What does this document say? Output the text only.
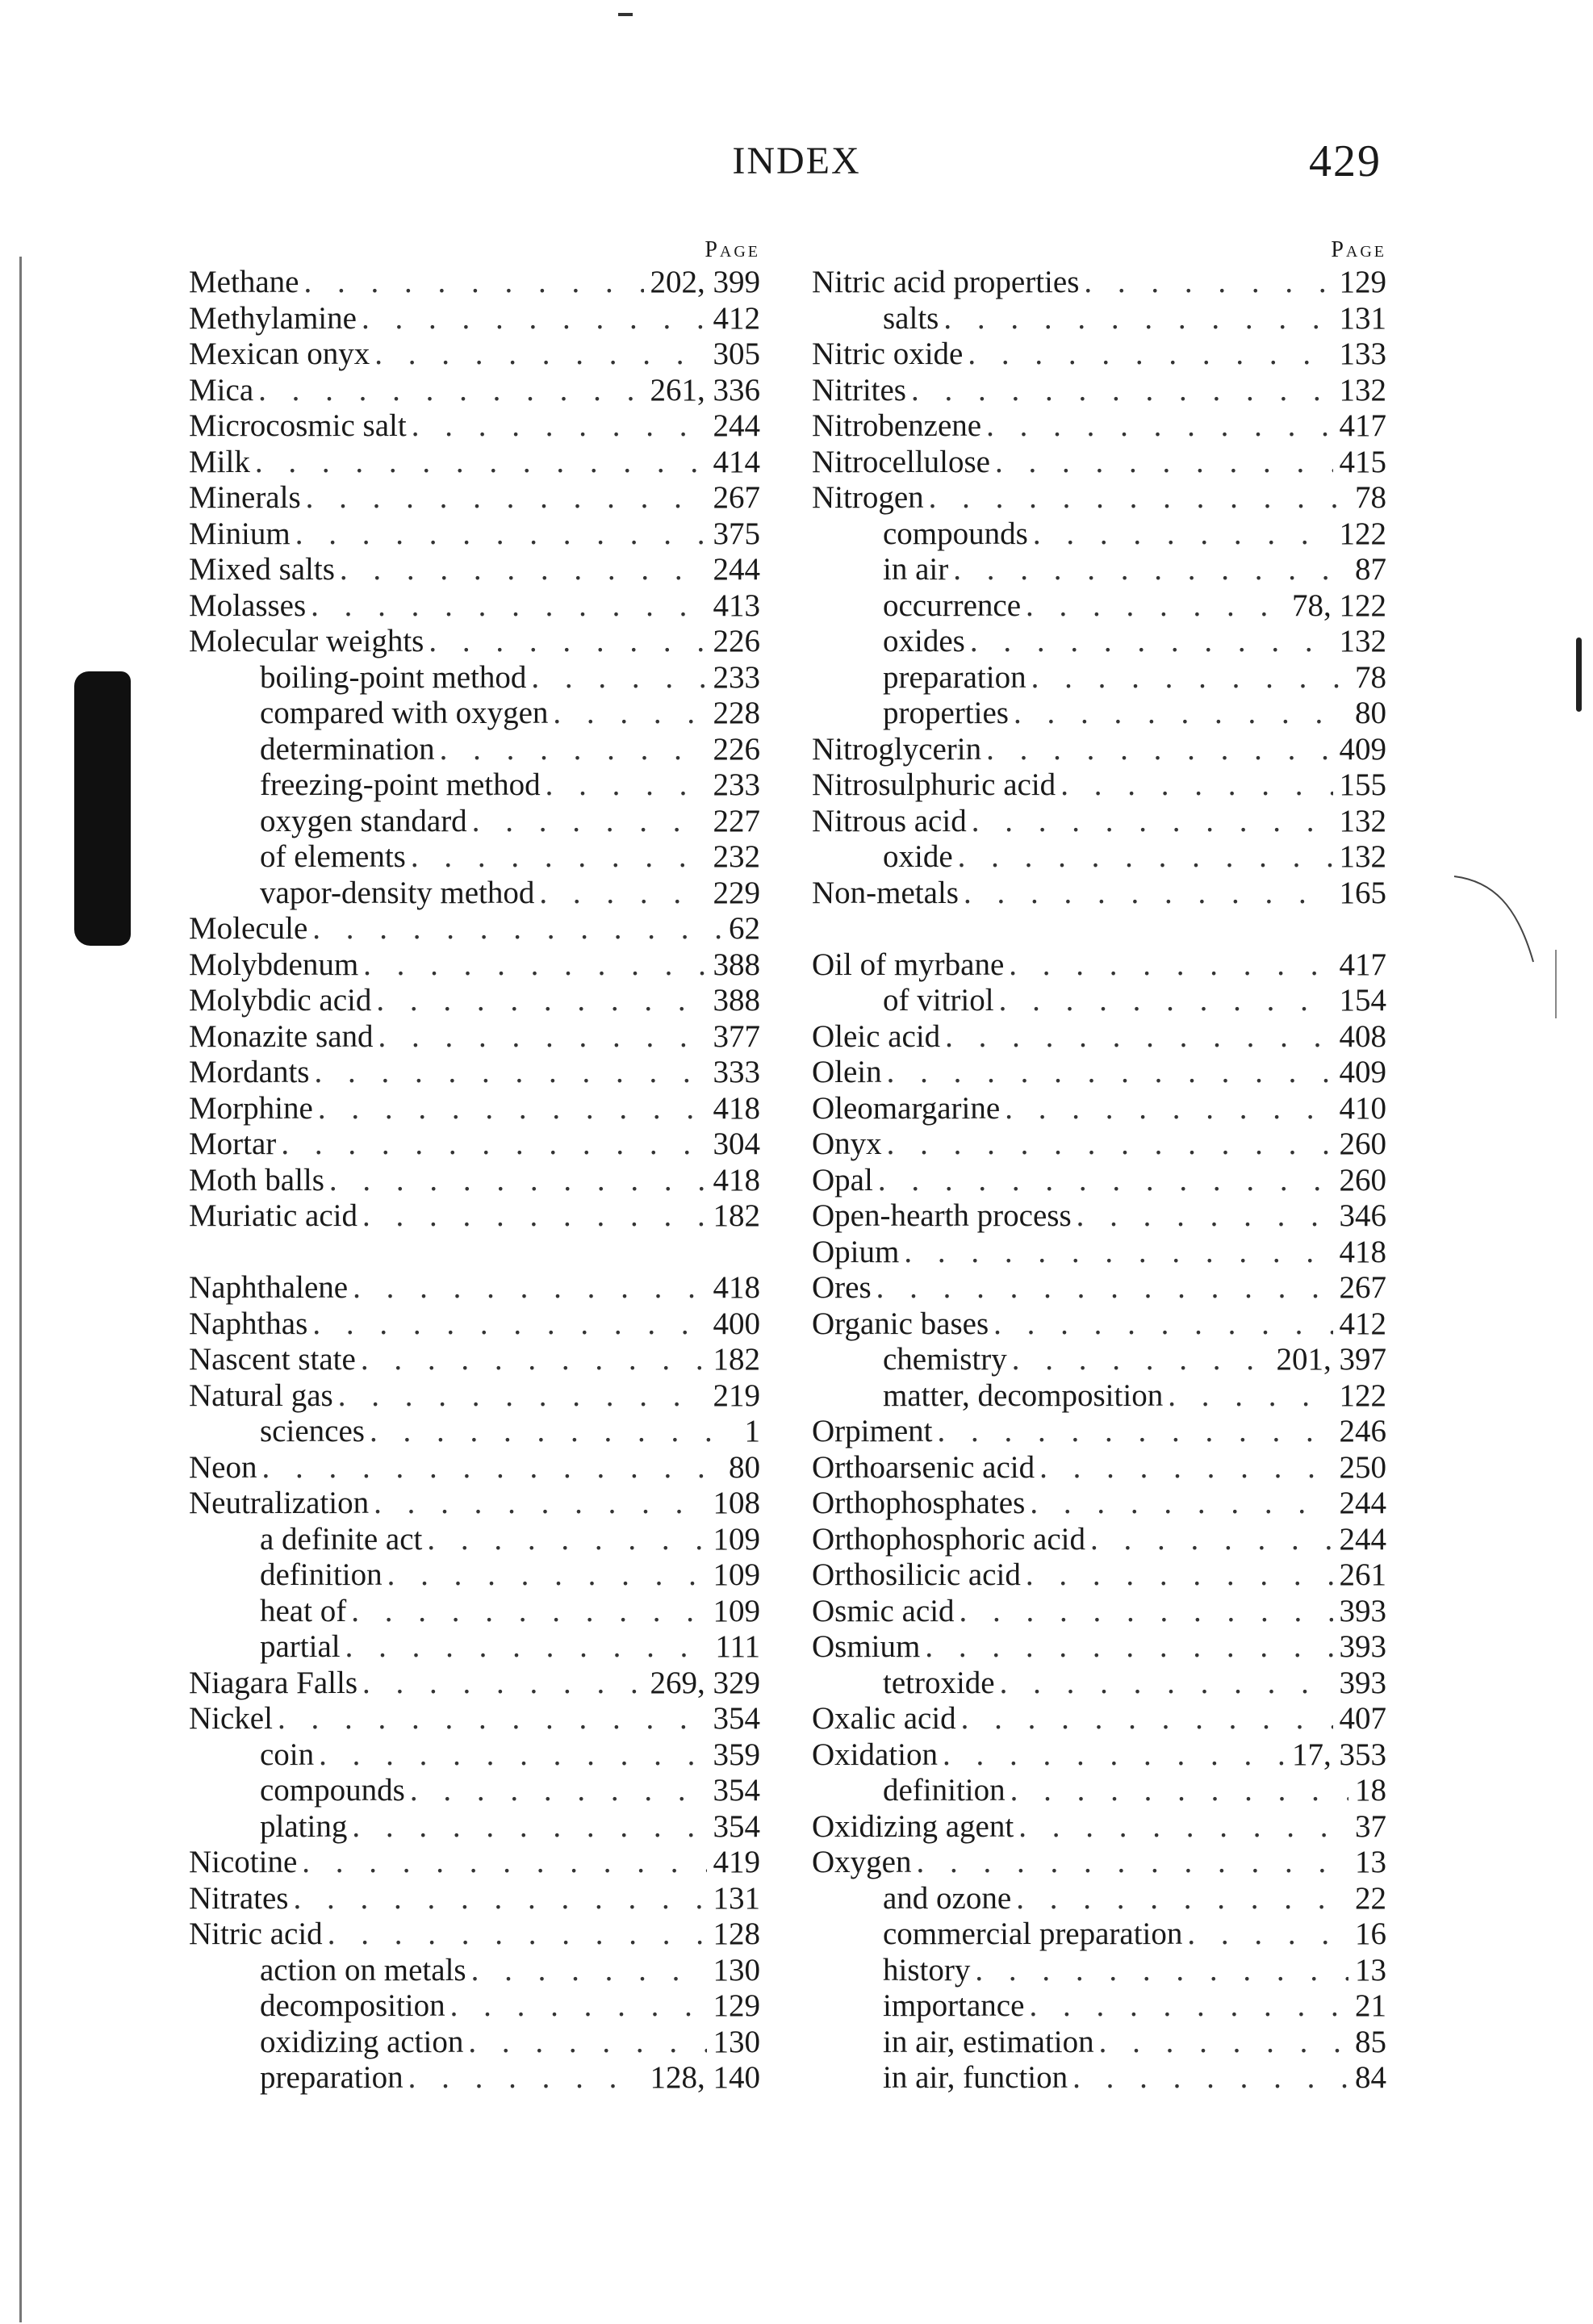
INDEX	429
Page
Methane . . .	202, 399
Methylamine . . .	412
Mexican onyx . . .	305
Mica . . .	261, 336
Microcosmic salt . . .	244
Milk . . .	414
Minerals . . .	267
Minium . . .	375
Mixed salts . . .	244
Molasses . . .	413
Molecular weights . . .	226
boiling-point method . . .	233
compared with oxygen . . .	228
determination . . .	226
freezing-point method . . .	233
oxygen standard . . .	227
of elements . . .	232
vapor-density method . . .	229
Molecule . . .	62
Molybdenum . . .	388
Molybdic acid . . .	388
Monazite sand . . .	377
Mordants . . .	333
Morphine . . .	418
Mortar . . .	304
Moth balls . . .	418
Muriatic acid . . .	182
Naphthalene . . .	418
Naphthas . . .	400
Nascent state . . .	182
Natural gas . . .	219
sciences . . .	1
Neon . . .	80
Neutralization . . .	108
a definite act . . .	109
definition . . .	109
heat of . . .	109
partial . . .	111
Niagara Falls . . .	269, 329
Nickel . . .	354
coin . . .	359
compounds . . .	354
plating . . .	354
Nicotine . . .	419
Nitrates . . .	131
Nitric acid . . .	128
action on metals . . .	130
decomposition . . .	129
oxidizing action . . .	130
preparation . . .	128, 140
Page
Nitric acid properties . . .	129
salts . . .	131
Nitric oxide . . .	133
Nitrites . . .	132
Nitrobenzene . . .	417
Nitrocellulose . . .	415
Nitrogen . . .	78
compounds . . .	122
in air . . .	87
occurrence . . .	78, 122
oxides . . .	132
preparation . . .	78
properties . . .	80
Nitroglycerin . . .	409
Nitrosulphuric acid . . .	155
Nitrous acid . . .	132
oxide . . .	132
Non-metals . . .	165
Oil of myrbane . . .	417
of vitriol . . .	154
Oleic acid . . .	408
Olein . . .	409
Oleomargarine . . .	410
Onyx . . .	260
Opal . . .	260
Open-hearth process . . .	346
Opium . . .	418
Ores . . .	267
Organic bases . . .	412
chemistry . . .	201, 397
matter, decomposition . . .	122
Orpiment . . .	246
Orthoarsenic acid . . .	250
Orthophosphates . . .	244
Orthophosphoric acid . . .	244
Orthosilicic acid . . .	261
Osmic acid . . .	393
Osmium . . .	393
tetroxide . . .	393
Oxalic acid . . .	407
Oxidation . . .	17, 353
definition . . .	18
Oxidizing agent . . .	37
Oxygen . . .	13
and ozone . . .	22
commercial preparation . . .	16
history . . .	13
importance . . .	21
in air, estimation . . .	85
in air, function . . .	84
